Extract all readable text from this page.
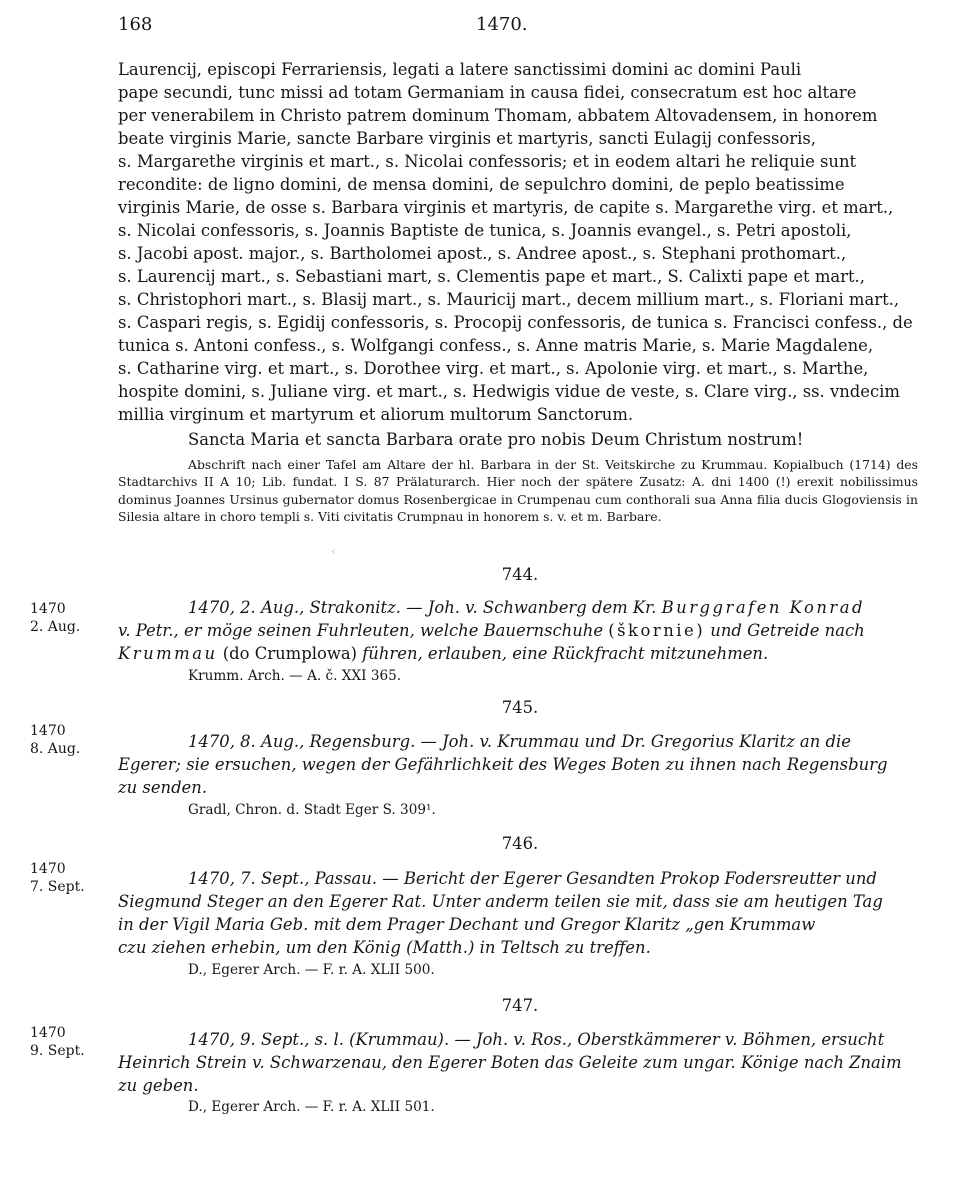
168	1470.
Laurencij, episcopi Ferrariensis, legati a latere sanctissimi domini ac domini Pauli
pape secundi, tunc missi ad totam Germaniam in causa fidei, consecratum est hoc altare
per venerabilem in Christo patrem dominum Thomam, abbatem Altovadensem, in honorem
beate virginis Marie, sancte Barbare virginis et martyris, sancti Eulagij confessoris,
s. Margarethe virginis et mart., s. Nicolai confessoris; et in eodem altari he reliquie sunt
recondite: de ligno domini, de mensa domini, de sepulchro domini, de peplo beatissime
virginis Marie, de osse s. Barbara virginis et martyris, de capite s. Margarethe virg. et mart.,
s. Nicolai confessoris, s. Joannis Baptiste de tunica, s. Joannis evangel., s. Petri apostoli,
s. Jacobi apost. major., s. Bartholomei apost., s. Andree apost., s. Stephani prothomart.,
s. Laurencij mart., s. Sebastiani mart, s. Clementis pape et mart., S. Calixti pape et mart.,
s. Christophori mart., s. Blasij mart., s. Mauricij mart., decem millium mart., s. Floriani mart.,
s. Caspari regis, s. Egidij confessoris, s. Procopij confessoris, de tunica s. Francisci confess., de
tunica s. Antoni confess., s. Wolfgangi confess., s. Anne matris Marie, s. Marie Magdalene,
s. Catharine virg. et mart., s. Dorothee virg. et mart., s. Apolonie virg. et mart., s. Marthe,
hospite domini, s. Juliane virg. et mart., s. Hedwigis vidue de veste, s. Clare virg., ss. vndecim
millia virginum et martyrum et aliorum multorum Sanctorum.
Sancta Maria et sancta Barbara orate pro nobis Deum Christum nostrum!
Abschrift nach einer Tafel am Altare der hl. Barbara in der St. Veitskirche zu Krummau. Kopialbuch (1714) des Stadtarchivs II A 10; Lib. fundat. I S. 87 Prälaturarch. Hier noch der spätere Zusatz: A. dni 1400 (!) erexit nobilissimus dominus Joannes Ursinus gubernator domus Rosenbergicae in Crumpenau cum conthorali sua Anna filia ducis Glogoviensis in Silesia altare in choro templi s. Viti civitatis Crumpnau in honorem s. v. et m. Barbare.
‹
744.
1470
2. Aug.
1470, 2. Aug., Strakonitz. — Joh. v. Schwanberg dem Kr. Burggrafen Konrad
v. Petr., er möge seinen Fuhrleuten, welche Bauernschuhe (škornie) und Getreide nach
Krummau (do Crumplowa) führen, erlauben, eine Rückfracht mitzunehmen.
Krumm. Arch. — A. č. XXI 365.
745.
1470
8. Aug.	1470, 8. Aug., Regensburg. — Joh. v. Krummau und Dr. Gregorius Klaritz an die
Egerer; sie ersuchen, wegen der Gefährlichkeit des Weges Boten zu ihnen nach Regensburg
zu senden.
Gradl, Chron. d. Stadt Eger S. 309¹.
746.
1470
7. Sept.	1470, 7. Sept., Passau. — Bericht der Egerer Gesandten Prokop Fodersreutter und
Siegmund Steger an den Egerer Rat. Unter anderm teilen sie mit, dass sie am heutigen Tag
in der Vigil Maria Geb. mit dem Prager Dechant und Gregor Klaritz „gen Krummaw
czu ziehen erhebin, um den König (Matth.) in Teltsch zu treffen.
D., Egerer Arch. — F. r. A. XLII 500.
747.
1470
9. Sept.
1470, 9. Sept., s. l. (Krummau). — Joh. v. Ros., Oberstkämmerer v. Böhmen, ersucht
Heinrich Strein v. Schwarzenau, den Egerer Boten das Geleite zum ungar. Könige nach Znaim
zu geben.
D., Egerer Arch. — F. r. A. XLII 501.
